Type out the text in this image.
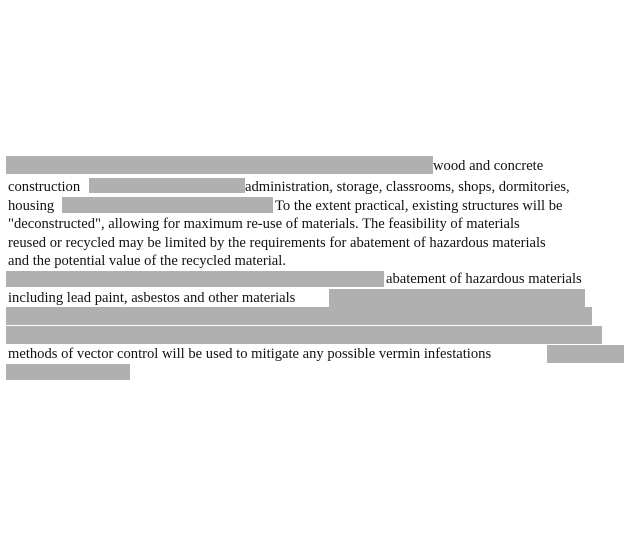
wood and concrete
construction	administration, storage, classrooms, shops, dormitories,
housing	To the extent practical, existing structures will be
"deconstructed", allowing for maximum re-use of materials. The feasibility of materials
reused or recycled may be limited by the requirements for abatement of hazardous materials
and the potential value of the recycled material.
abatement of hazardous materials
including lead paint, asbestos and other materials
methods of vector control will be used to mitigate any possible vermin infestations
